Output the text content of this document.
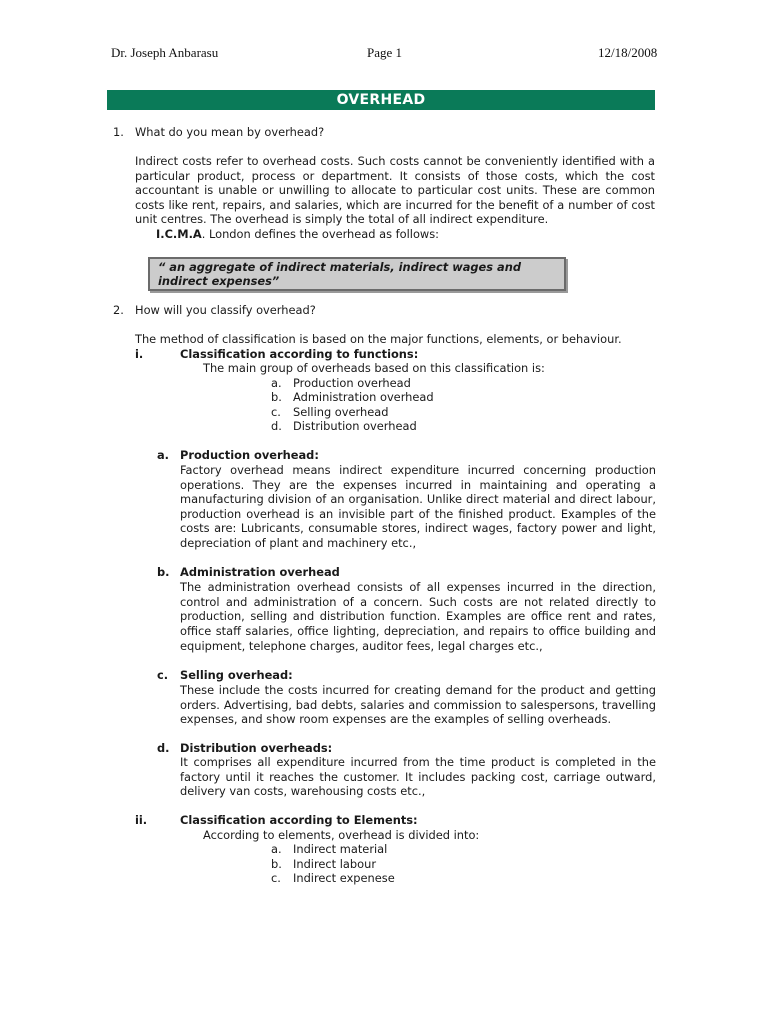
Dr. Joseph Anbarasu	Page 1	12/18/2008
OVERHEAD
1. What do you mean by overhead?
Indirect costs refer to overhead costs. Such costs cannot be conveniently identified with a
particular product, process or department. It consists of those costs, which the cost
accountant is unable or unwilling to allocate to particular cost units. These are common
costs like rent, repairs, and salaries, which are incurred for the benefit of a number of cost
unit centres. The overhead is simply the total of all indirect expenditure.
I.C.M.A. London defines the overhead as follows:
“ an aggregate of indirect materials, indirect wages and indirect expenses”
2. How will you classify overhead?
The method of classification is based on the major functions, elements, or behaviour.
i.	Classification according to functions:
The main group of overheads based on this classification is:
a. Production overhead
b. Administration overhead
c. Selling overhead
d. Distribution overhead
a. Production overhead:
Factory overhead means indirect expenditure incurred concerning production
operations. They are the expenses incurred in maintaining and operating a
manufacturing division of an organisation. Unlike direct material and direct labour,
production overhead is an invisible part of the finished product. Examples of the
costs are: Lubricants, consumable stores, indirect wages, factory power and light,
depreciation of plant and machinery etc.,
b. Administration overhead
The administration overhead consists of all expenses incurred in the direction,
control and administration of a concern. Such costs are not related directly to
production, selling and distribution function. Examples are office rent and rates,
office staff salaries, office lighting, depreciation, and repairs to office building and
equipment, telephone charges, auditor fees, legal charges etc.,
c. Selling overhead:
These include the costs incurred for creating demand for the product and getting
orders. Advertising, bad debts, salaries and commission to salespersons, travelling
expenses, and show room expenses are the examples of selling overheads.
d. Distribution overheads:
It comprises all expenditure incurred from the time product is completed in the
factory until it reaches the customer. It includes packing cost, carriage outward,
delivery van costs, warehousing costs etc.,
ii.	Classification according to Elements:
According to elements, overhead is divided into:
a. Indirect material
b. Indirect labour
c. Indirect expenese
